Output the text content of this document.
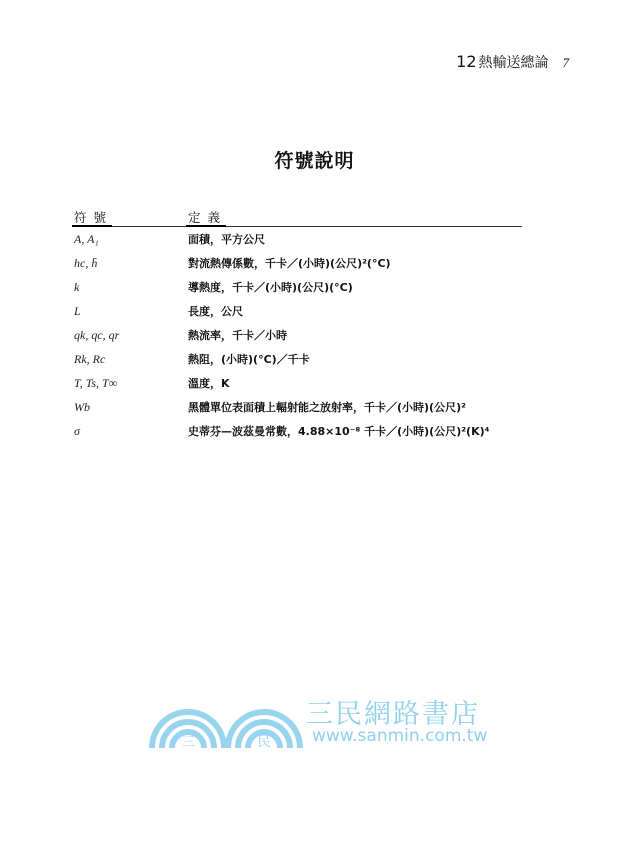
12 熱輸送總論 7
符號說明
符號	定義
A, A₁	面積，平方公尺
hc, h̄	對流熱傳係數，千卡／(小時)(公尺)²(°C)
k	導熱度，千卡／(小時)(公尺)(°C)
L	長度，公尺
qk, qc, qr	熱流率，千卡／小時
Rk, Rc	熱阻，(小時)(°C)／千卡
T, Ts, T∞	溫度，K
Wb	黑體單位表面積上輻射能之放射率，千卡／(小時)(公尺)²
σ	史蒂芬—波茲曼常數，4.88×10⁻⁸ 千卡／(小時)(公尺)²(K)⁴
三	民
三民網路書店
www.sanmin.com.tw
